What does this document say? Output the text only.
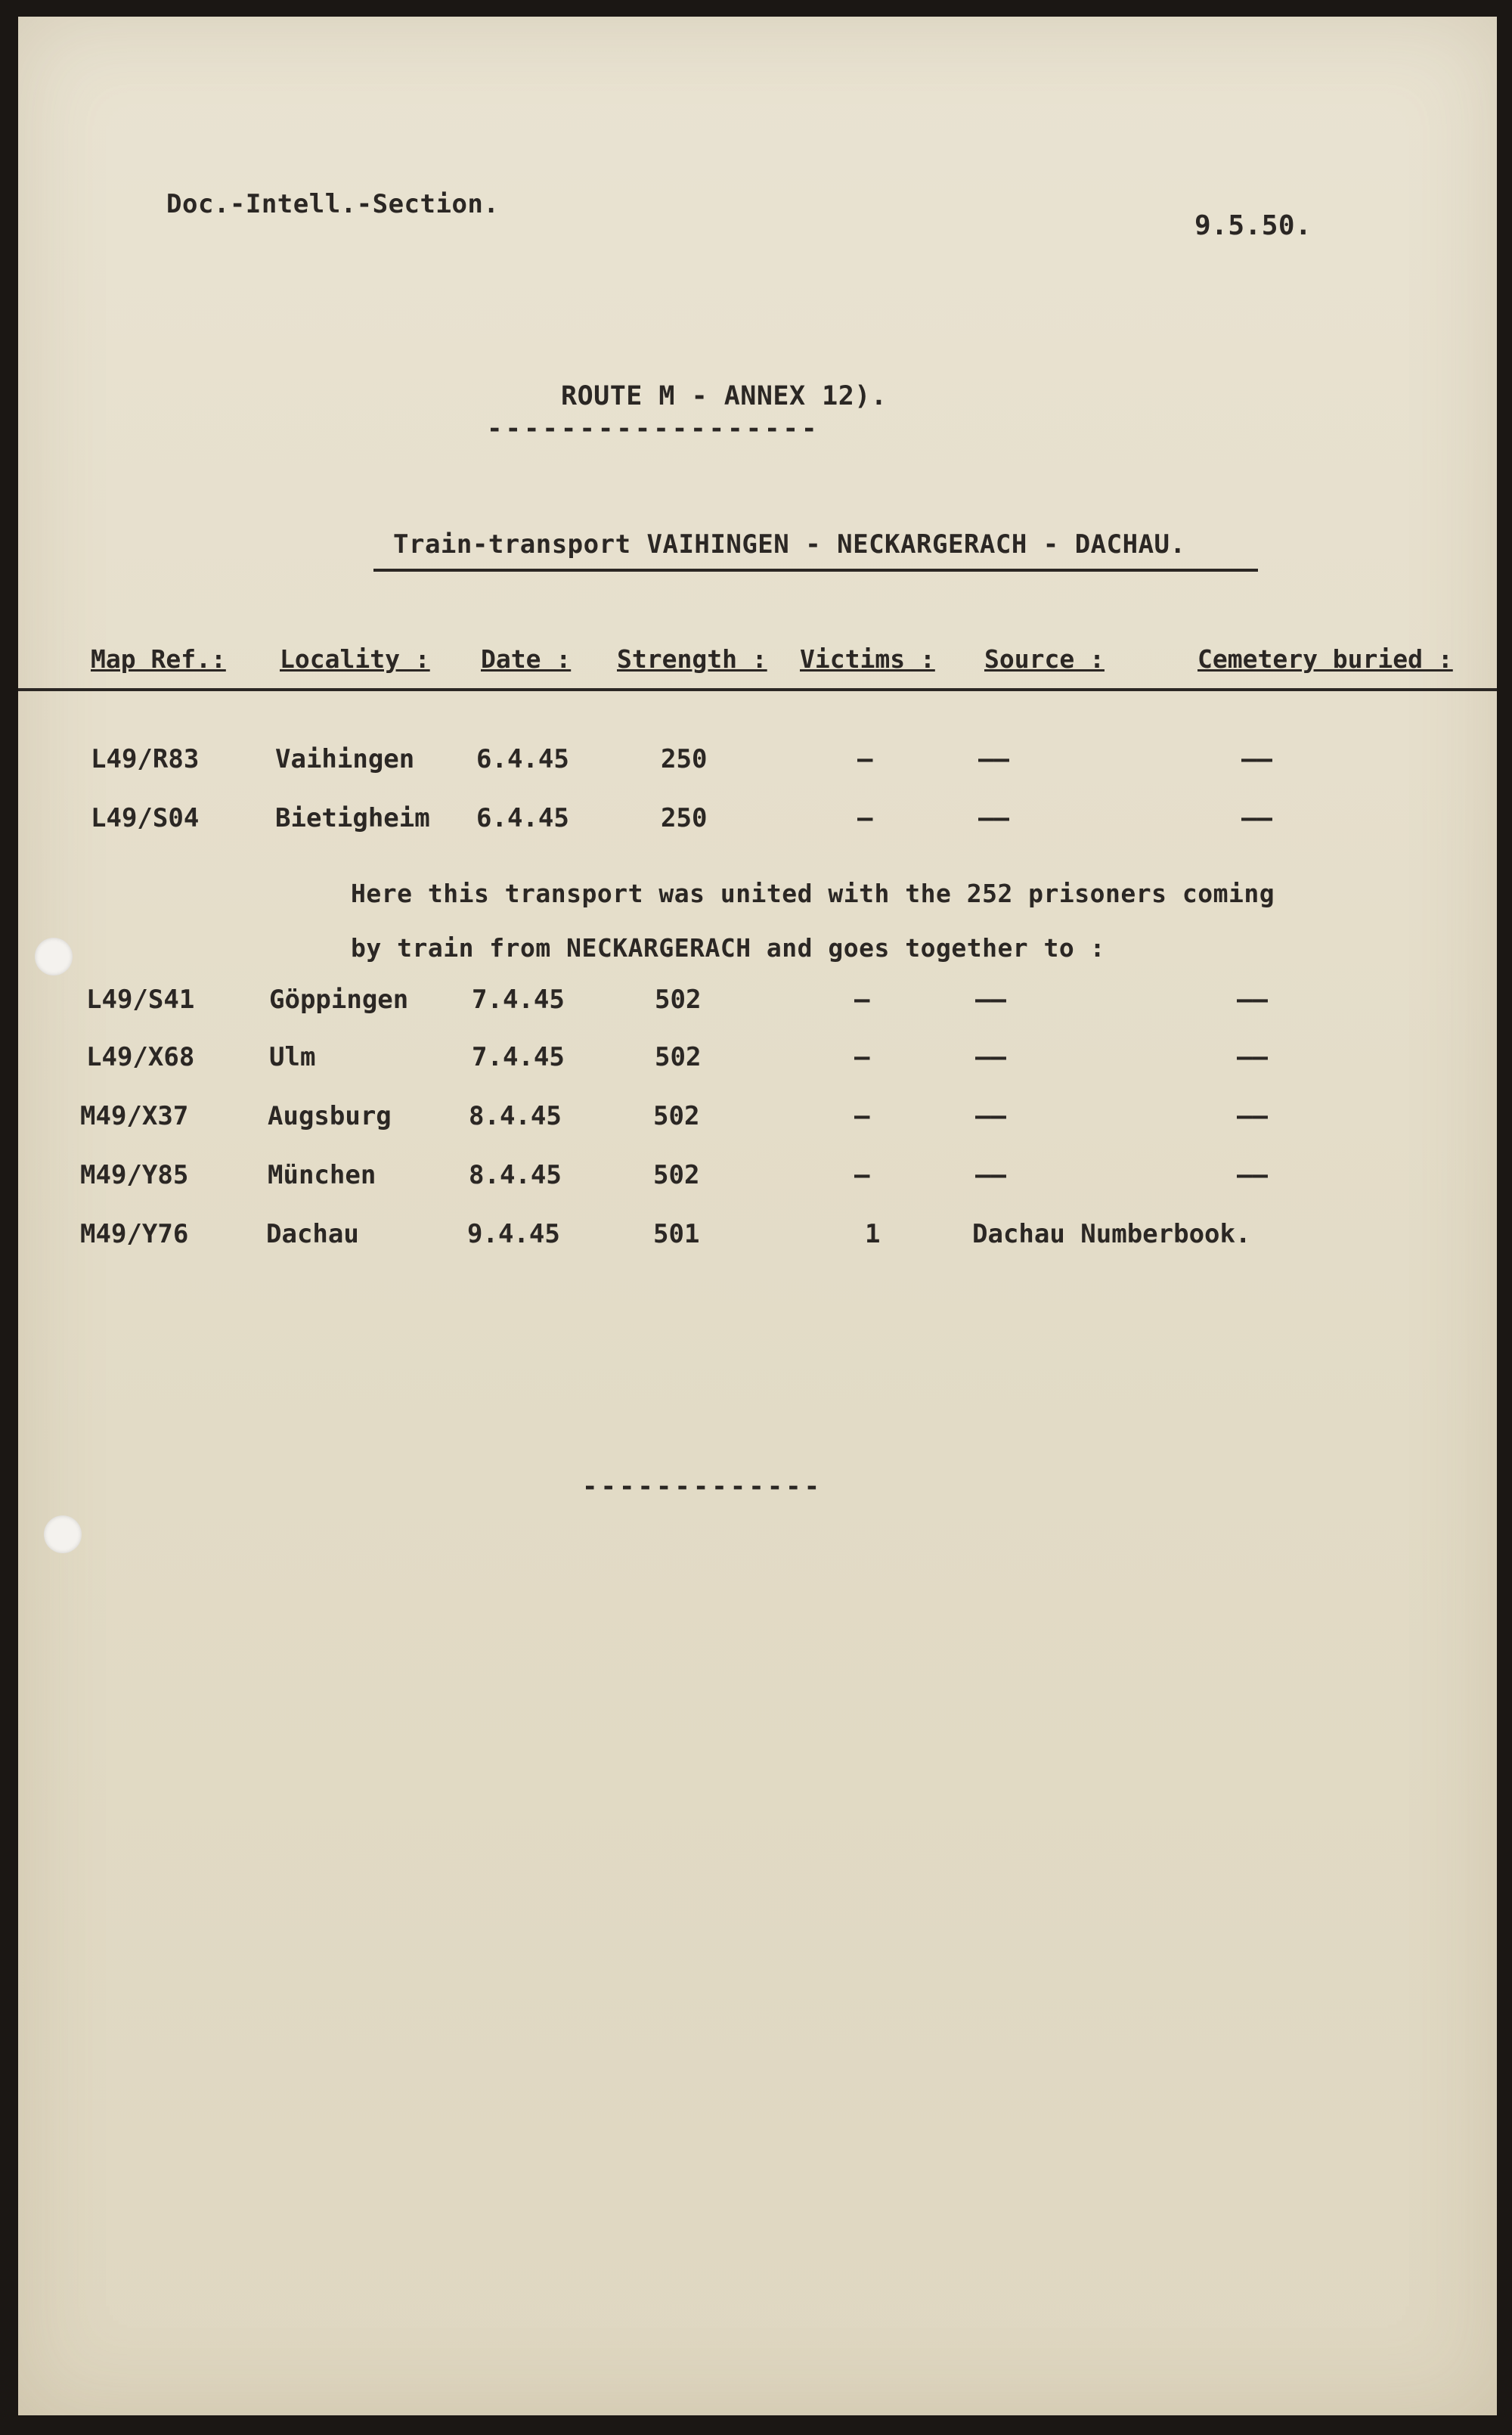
Doc.-Intell.-Section.
9.5.50.
ROUTE M - ANNEX 12).
------------------
Train-transport VAIHINGEN - NECKARGERACH - DACHAU.
Map Ref.: Locality : Date : Strength : Victims : Source :	Cemetery buried :
L49/R83	Vaihingen 6.4.45	250	—	——	——
L49/S04	Bietigheim 6.4.45	250	—	——	——
Here this transport was united with the 252 prisoners coming
by train from NECKARGERACH and goes together to :
L49/S41	Göppingen 7.4.45	502	—	——	——
L49/X68	Ulm	7.4.45	502	—	——	——
M49/X37	Augsburg	8.4.45	502	—	——	——
M49/Y85	München	8.4.45	502	—	——	——
M49/Y76	Dachau	9.4.45	501	1	Dachau Numberbook.
-------------
